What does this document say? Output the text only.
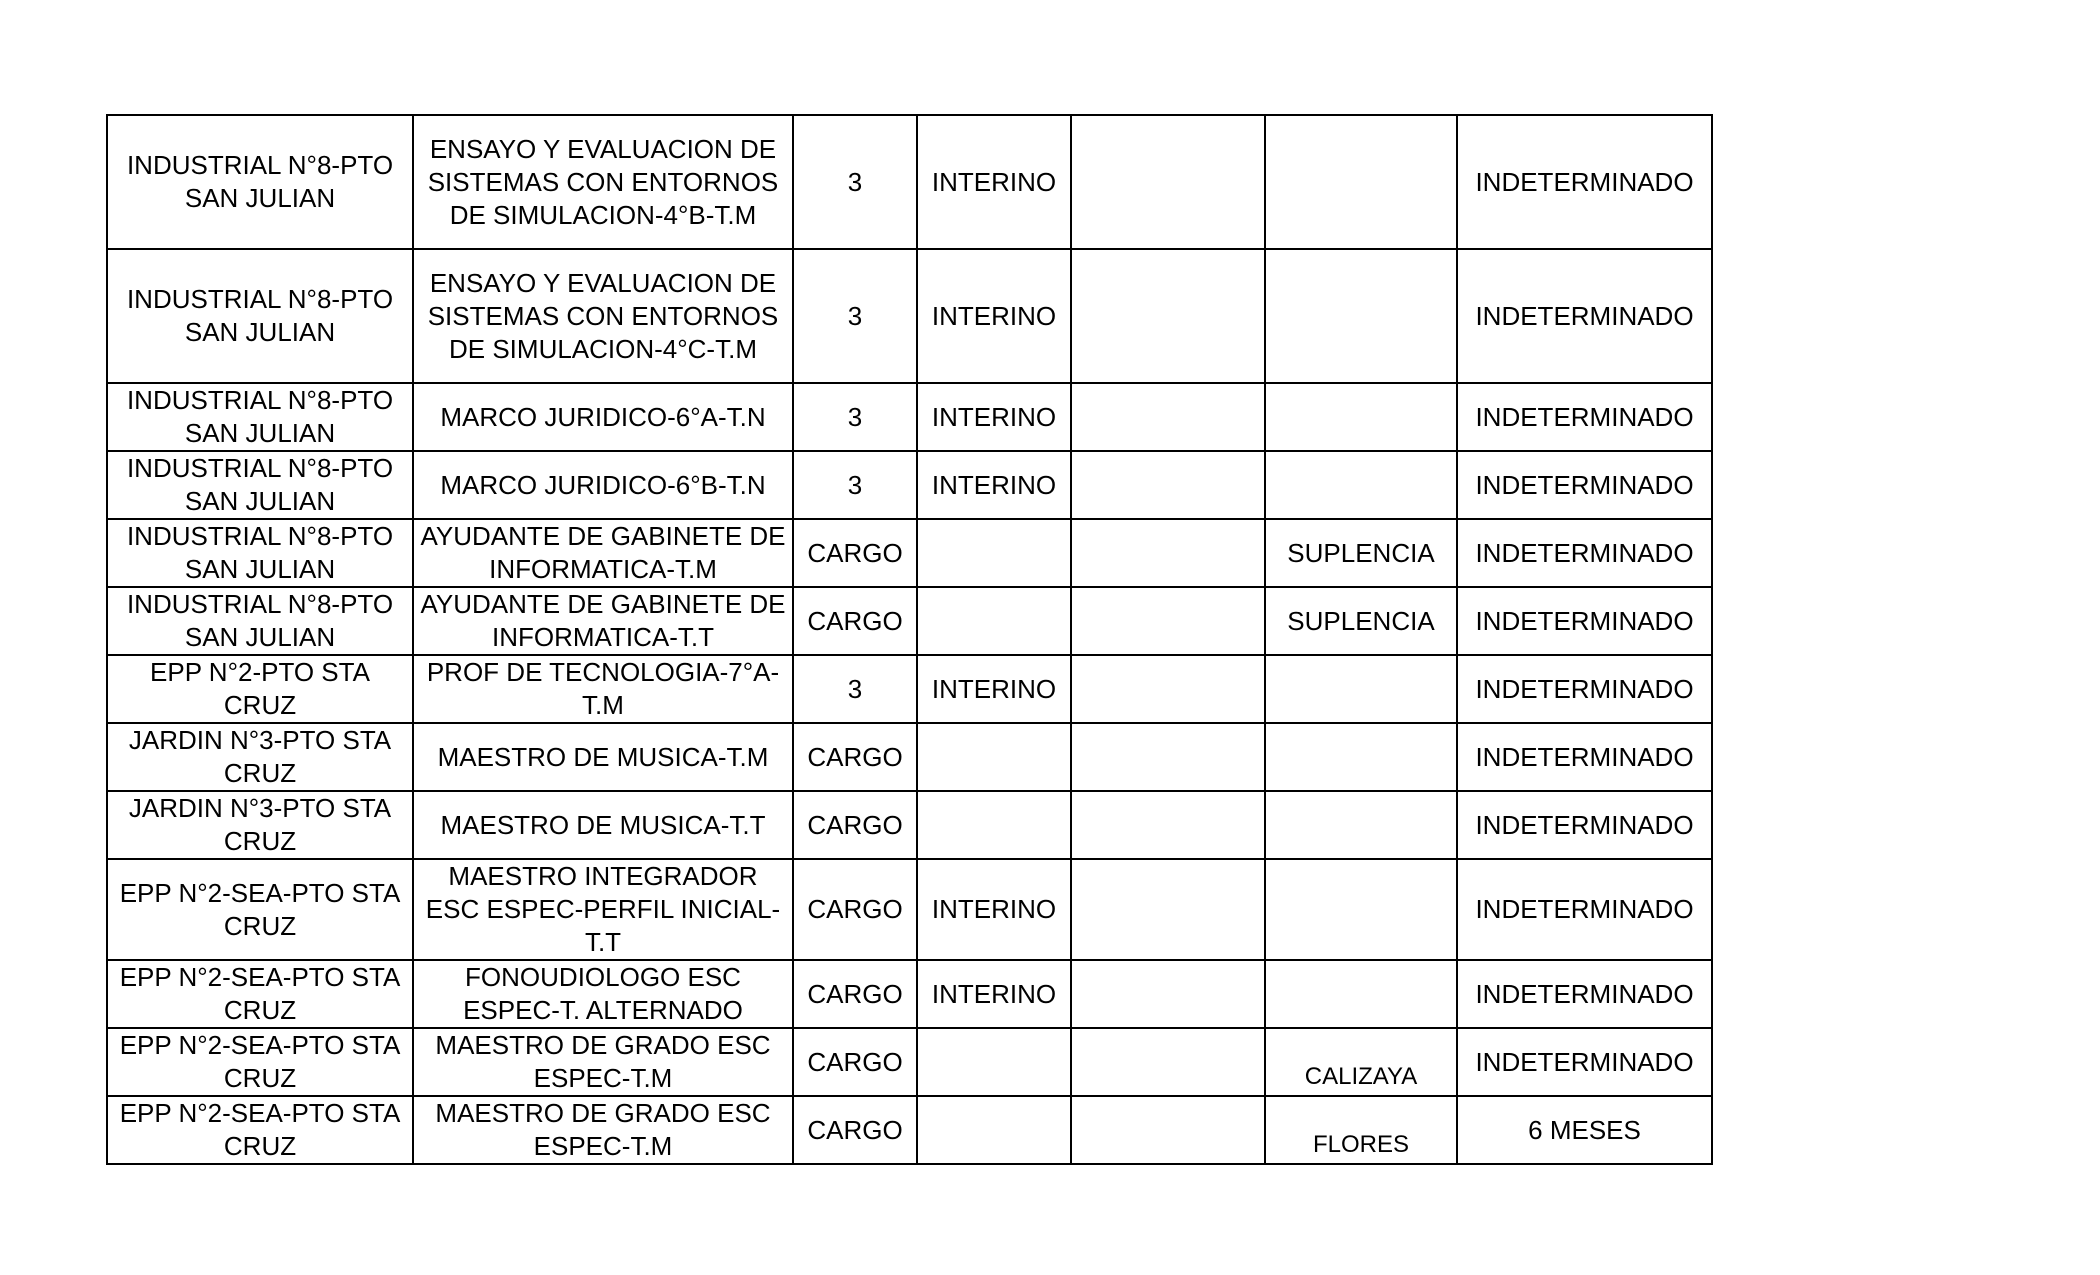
INDUSTRIAL N°8-PTO SAN JULIAN	ENSAYO Y EVALUACION DE SISTEMAS CON ENTORNOS DE SIMULACION-4°B-T.M	3	INTERINO			INDETERMINADO
INDUSTRIAL N°8-PTO SAN JULIAN	ENSAYO Y EVALUACION DE SISTEMAS CON ENTORNOS DE SIMULACION-4°C-T.M	3	INTERINO			INDETERMINADO
INDUSTRIAL N°8-PTO SAN JULIAN	MARCO JURIDICO-6°A-T.N	3	INTERINO			INDETERMINADO
INDUSTRIAL N°8-PTO SAN JULIAN	MARCO JURIDICO-6°B-T.N	3	INTERINO			INDETERMINADO
INDUSTRIAL N°8-PTO SAN JULIAN	AYUDANTE DE GABINETE DE INFORMATICA-T.M	CARGO			SUPLENCIA	INDETERMINADO
INDUSTRIAL N°8-PTO SAN JULIAN	AYUDANTE DE GABINETE DE INFORMATICA-T.T	CARGO			SUPLENCIA	INDETERMINADO
EPP N°2-PTO STA CRUZ	PROF DE TECNOLOGIA-7°A-T.M	3	INTERINO			INDETERMINADO
JARDIN N°3-PTO STA CRUZ	MAESTRO DE MUSICA-T.M	CARGO				INDETERMINADO
JARDIN N°3-PTO STA CRUZ	MAESTRO DE MUSICA-T.T	CARGO				INDETERMINADO
EPP N°2-SEA-PTO STA CRUZ	MAESTRO INTEGRADOR ESC ESPEC-PERFIL INICIAL-T.T	CARGO	INTERINO			INDETERMINADO
EPP N°2-SEA-PTO STA CRUZ	FONOUDIOLOGO ESC ESPEC-T. ALTERNADO	CARGO	INTERINO			INDETERMINADO
EPP N°2-SEA-PTO STA CRUZ	MAESTRO DE GRADO ESC ESPEC-T.M	CARGO			CALIZAYA	INDETERMINADO
EPP N°2-SEA-PTO STA CRUZ	MAESTRO DE GRADO ESC ESPEC-T.M	CARGO			FLORES	6 MESES
